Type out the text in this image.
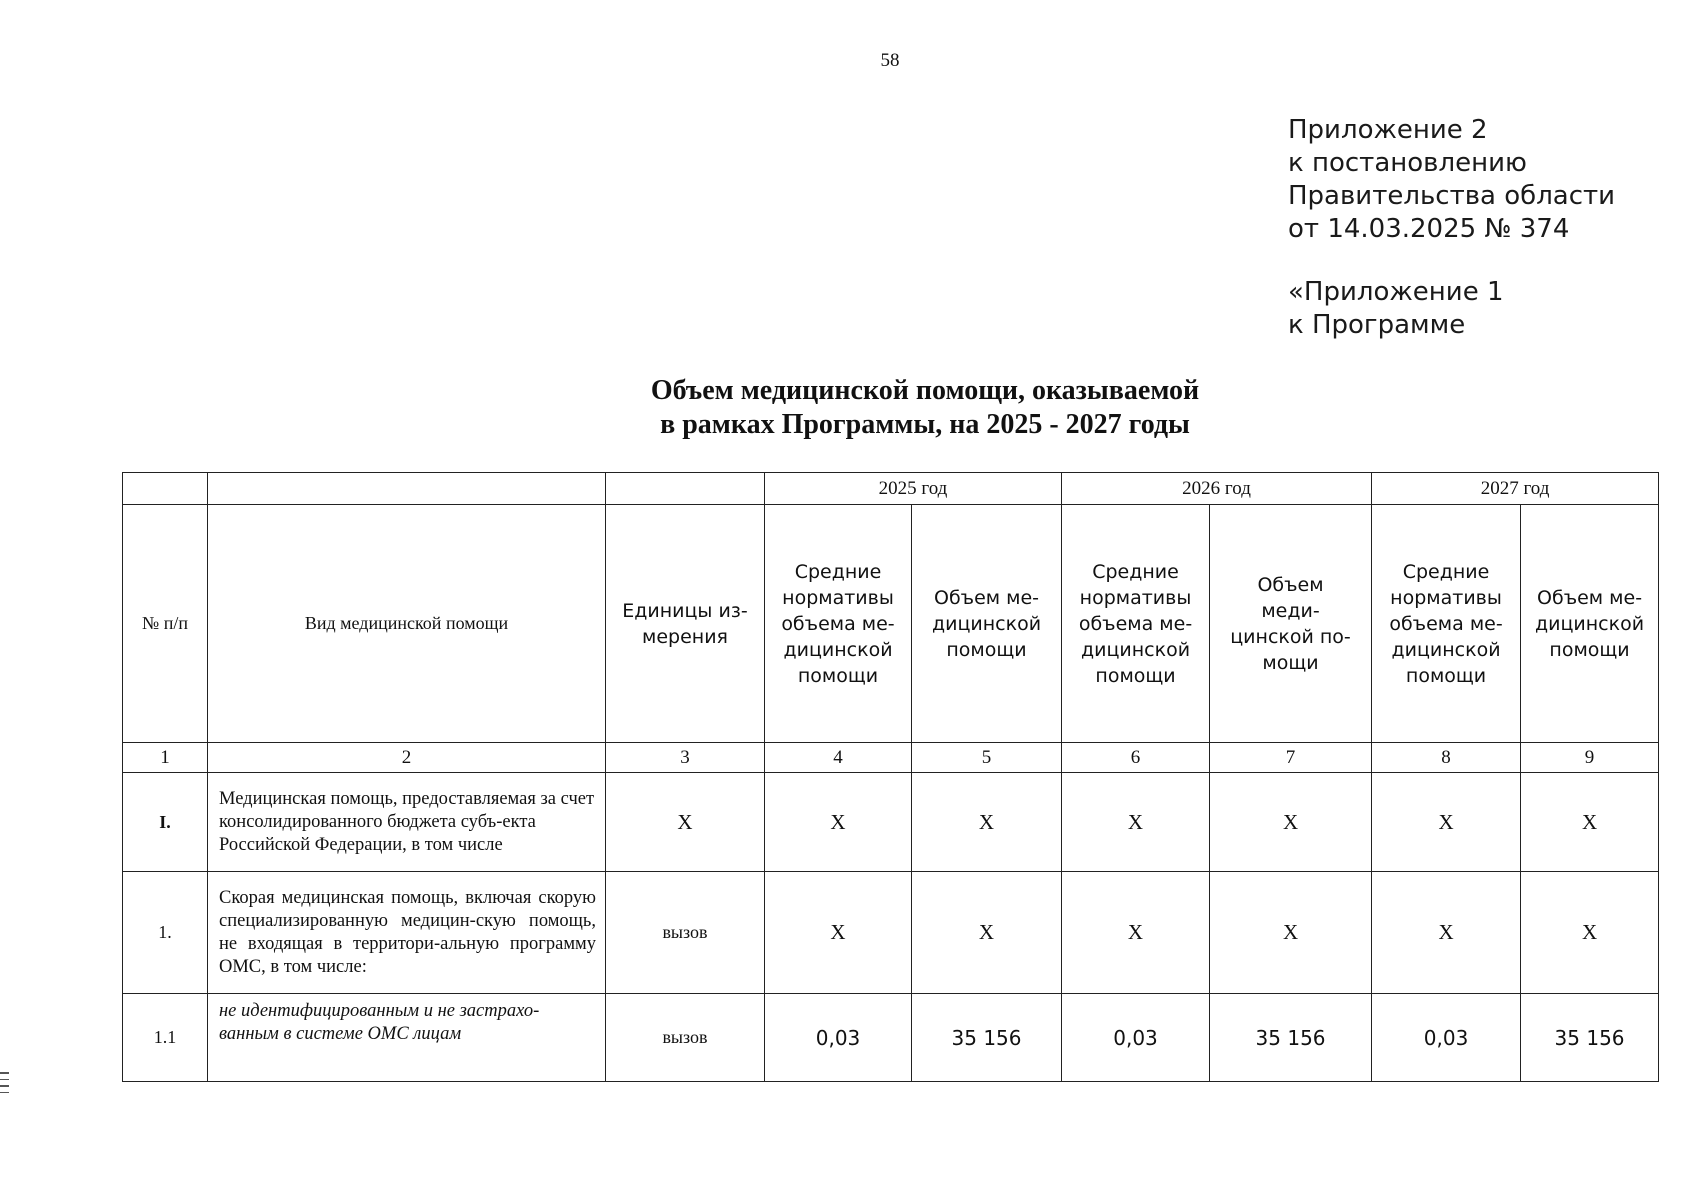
58
Приложение 2
к постановлению
Правительства области
от 14.03.2025 № 374
«Приложение 1
к Программе
Объем медицинской помощи, оказываемой
в рамках Программы, на 2025 - 2027 годы
			2025 год		2026 год		2027 год	
№ п/п	Вид медицинской помощи	Единицы из-мерения	Средние нормативы объема ме-дицинской помощи	Объем ме-дицинской помощи	Средние нормативы объема ме-дицинской помощи	Объем меди-цинской по-мощи	Средние нормативы объема ме-дицинской помощи	Объем ме-дицинской помощи

1	2	3	4	5	6	7	8	9
I.	Медицинская помощь, предоставляемая за счет консолидированного бюджета субъ-екта Российской Федерации, в том числе	X	X	X	X	X	X	X
1.	Скорая медицинская помощь, включая скорую специализированную медицин-скую помощь, не входящая в территори-альную программу ОМС, в том числе:	вызов	X	X	X	X	X	X
1.1	не идентифицированным и не застрахо-ванным в системе ОМС лицам	вызов	0,03	35 156	0,03	35 156	0,03	35 156
